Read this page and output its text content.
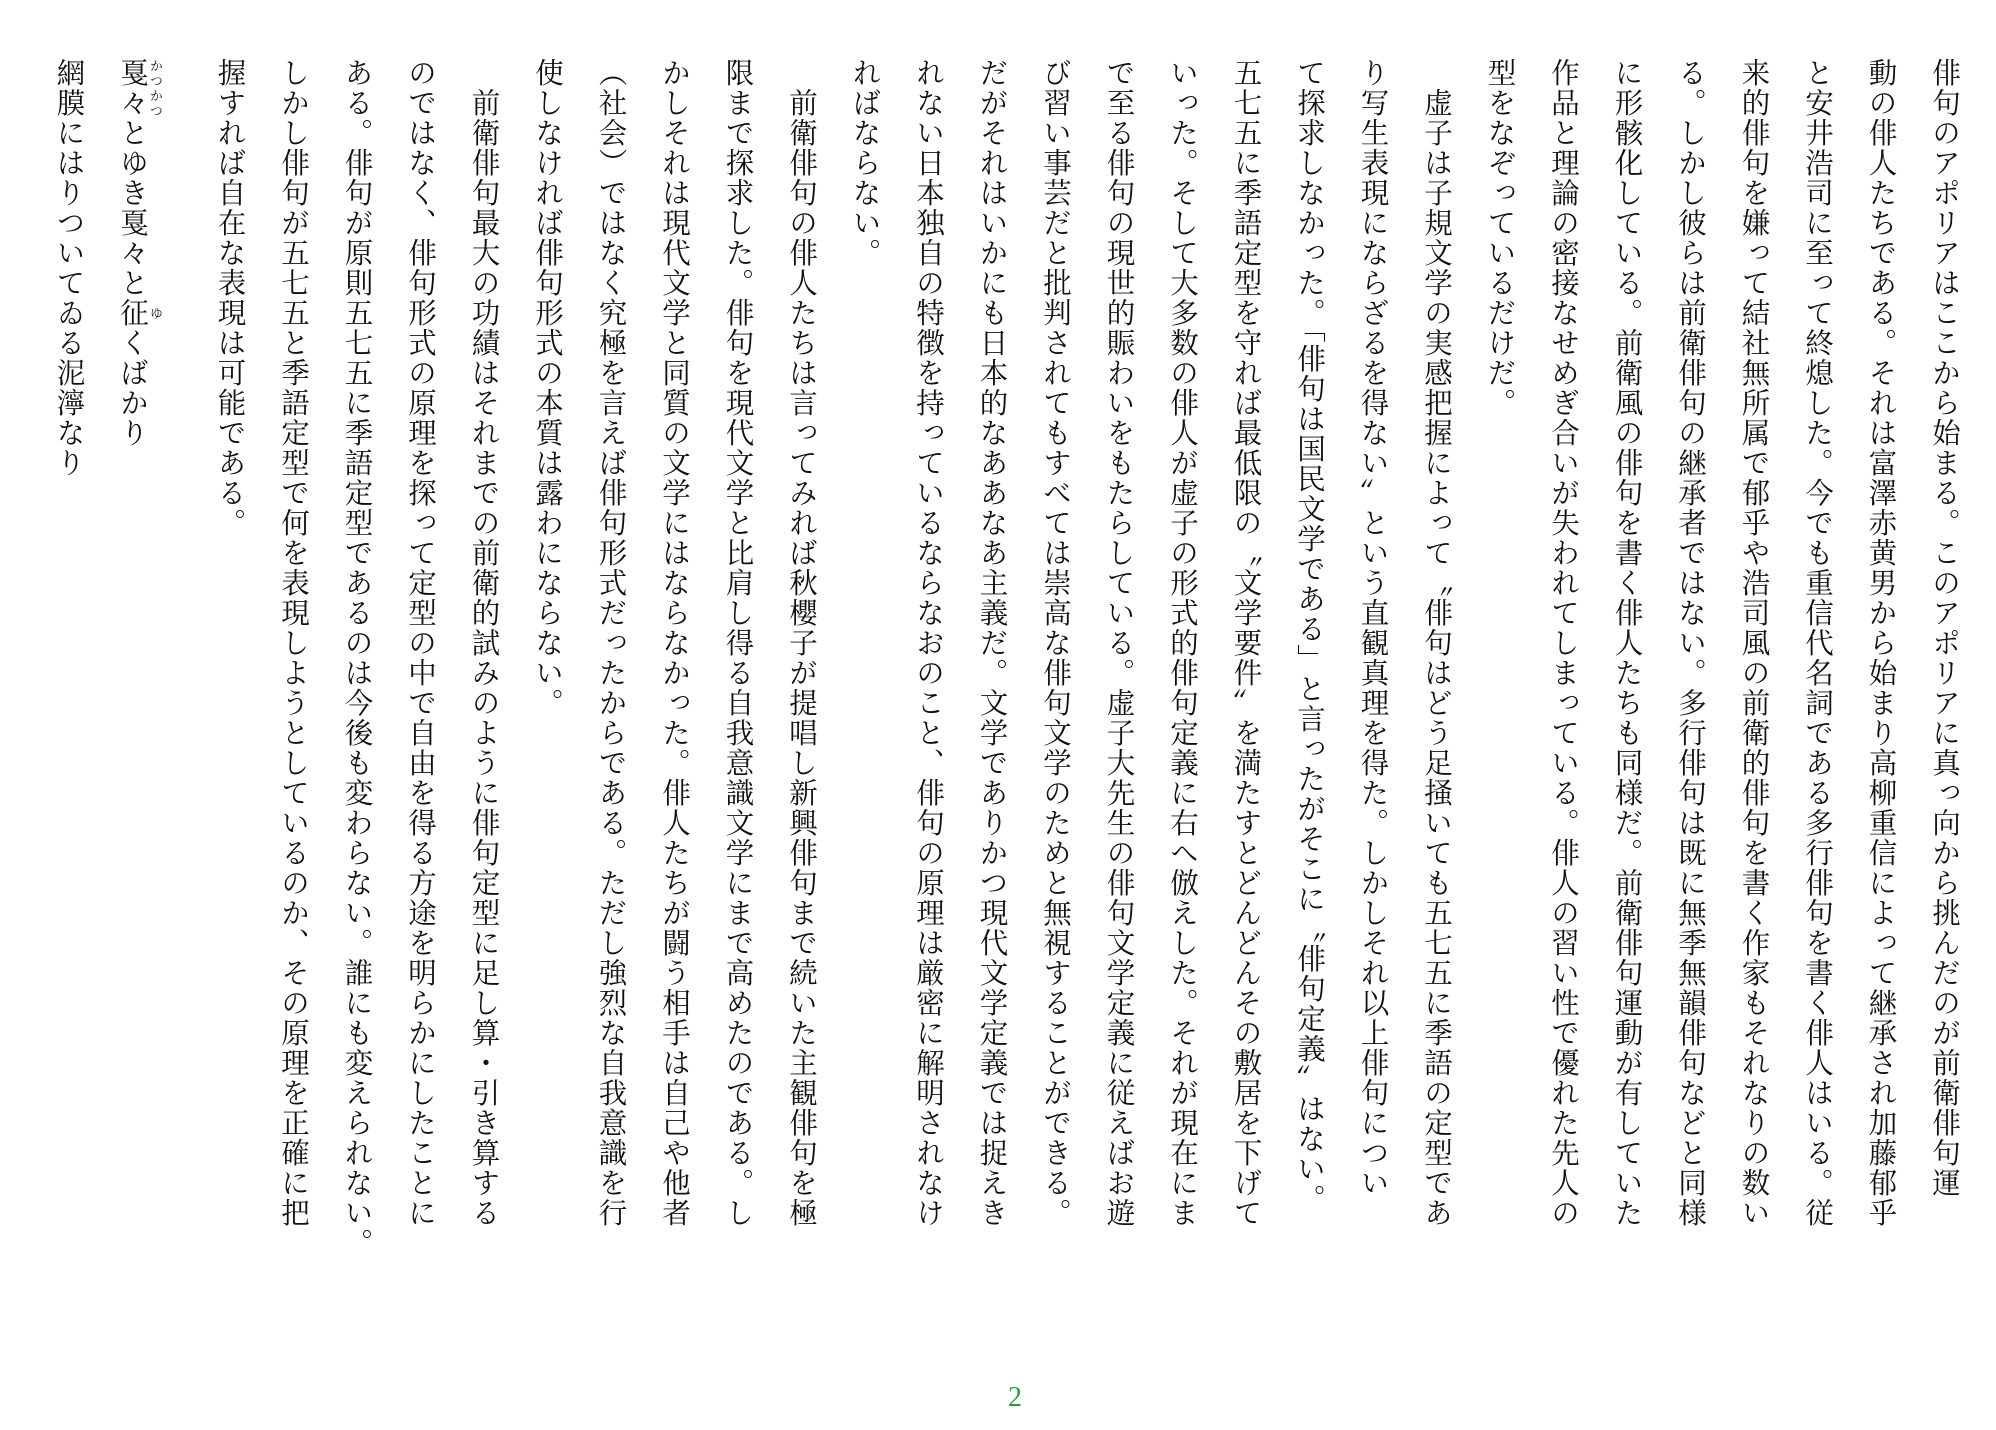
俳句のアポリアはここから始まる。このアポリアに真っ向から挑んだのが前衛俳句運
動の俳人たちである。それは富澤赤黄男から始まり高柳重信によって継承され加藤郁乎
と安井浩司に至って終熄した。今でも重信代名詞である多行俳句を書く俳人はいる。従
来的俳句を嫌って結社無所属で郁乎や浩司風の前衛的俳句を書く作家もそれなりの数い
る。しかし彼らは前衛俳句の継承者ではない。多行俳句は既に無季無韻俳句などと同様
に形骸化している。前衛風の俳句を書く俳人たちも同様だ。前衛俳句運動が有していた
作品と理論の密接なせめぎ合いが失われてしまっている。俳人の習い性で優れた先人の
型をなぞっているだけだ。
　虚子は子規文学の実感把握によって〝俳句はどう足掻いても五七五に季語の定型であ
り写生表現にならざるを得ない〟という直観真理を得た。しかしそれ以上俳句につい
て探求しなかった。「俳句は国民文学である」と言ったがそこに〝俳句定義〟はない。
五七五に季語定型を守れば最低限の〝文学要件〟を満たすとどんどんその敷居を下げて
いった。そして大多数の俳人が虚子の形式的俳句定義に右へ倣えした。それが現在にま
で至る俳句の現世的賑わいをもたらしている。虚子大先生の俳句文学定義に従えばお遊
び習い事芸だと批判されてもすべては崇高な俳句文学のためと無視することができる。
だがそれはいかにも日本的なああなあ主義だ。文学でありかつ現代文学定義では捉えき
れない日本独自の特徴を持っているならなおのこと、俳句の原理は厳密に解明されなけ
ればならない。
　前衛俳句の俳人たちは言ってみれば秋櫻子が提唱し新興俳句まで続いた主観俳句を極
限まで探求した。俳句を現代文学と比肩し得る自我意識文学にまで高めたのである。し
かしそれは現代文学と同質の文学にはならなかった。俳人たちが闘う相手は自己や他者
（社会）ではなく究極を言えば俳句形式だったからである。ただし強烈な自我意識を行
使しなければ俳句形式の本質は露わにならない。
　前衛俳句最大の功績はそれまでの前衛的試みのように俳句定型に足し算・引き算する
のではなく、俳句形式の原理を探って定型の中で自由を得る方途を明らかにしたことに
ある。俳句が原則五七五に季語定型であるのは今後も変わらない。誰にも変えられない。
しかし俳句が五七五と季語定型で何を表現しようとしているのか、その原理を正確に把
握すれば自在な表現は可能である。
戛々かつかつとゆき戛々と征ゆくばかり
網膜にはりついてゐる泥濘なり
2
